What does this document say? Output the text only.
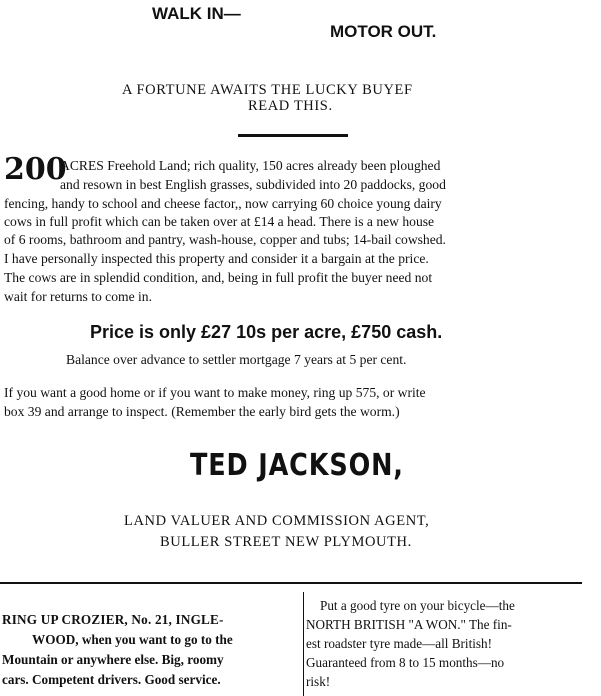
WALK IN—
MOTOR OUT.
A FORTUNE AWAITS THE LUCKY BUYEF
READ THIS.
200
ACRES Freehold Land; rich quality, 150 acres already been ploughed
and resown in best English grasses, subdivided into 20 paddocks, good
fencing, handy to school and cheese factor,, now carrying 60 choice young dairy
cows in full profit which can be taken over at £14 a head. There is a new house
of 6 rooms, bathroom and pantry, wash-house, copper and tubs; 14-bail cowshed.
I have personally inspected this property and consider it a bargain at the price.
The cows are in splendid condition, and, being in full profit the buyer need not
wait for returns to come in.
Price is only £27 10s per acre, £750 cash.
Balance over advance to settler mortgage 7 years at 5 per cent.
If you want a good home or if you want to make money, ring up 575, or write
box 39 and arrange to inspect. (Remember the early bird gets the worm.)
TED JACKSON,
LAND VALUER AND COMMISSION AGENT,
BULLER STREET NEW PLYMOUTH.
RING UP CROZIER, No. 21, INGLE-
WOOD, when you want to go to the
Mountain or anywhere else. Big, roomy
cars. Competent drivers. Good service.
Put a good tyre on your bicycle—the
NORTH BRITISH "A WON." The fin-
est roadster tyre made—all British!
Guaranteed from 8 to 15 months—no
risk!
